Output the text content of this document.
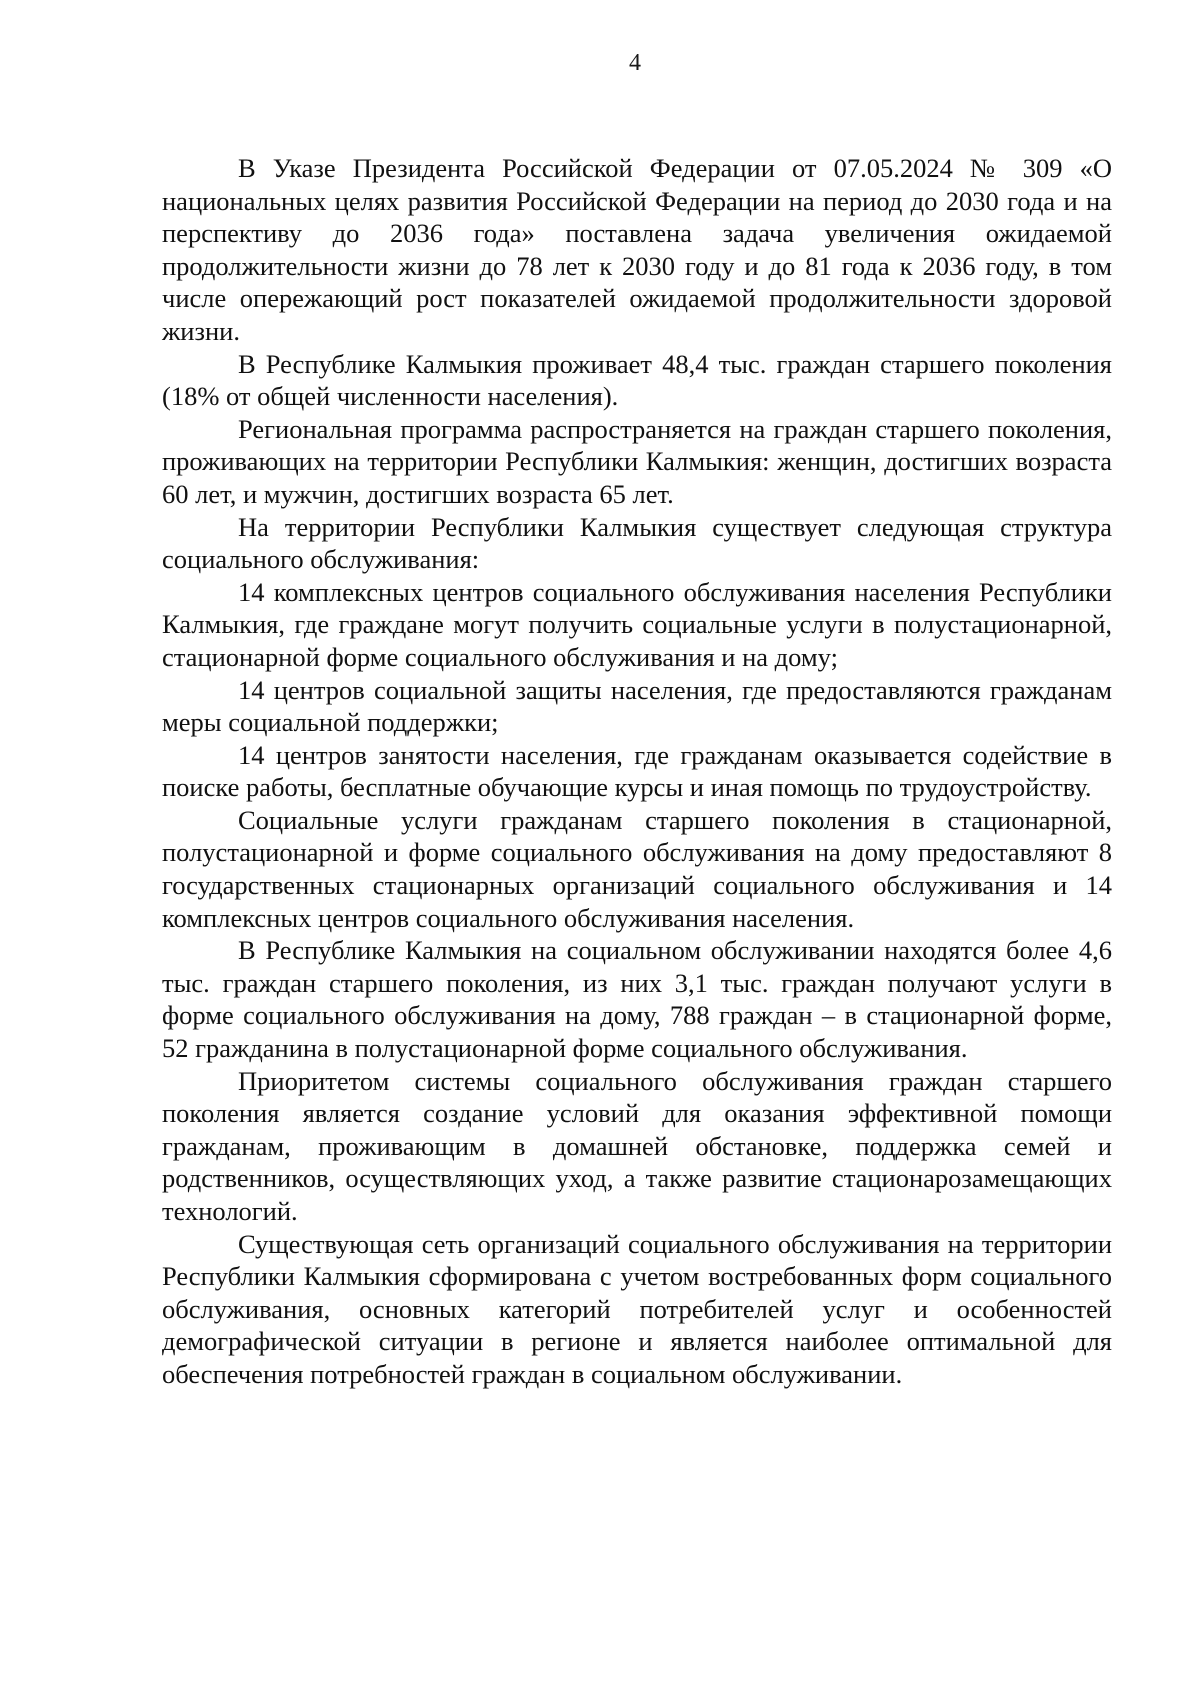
4

В Указе Президента Российской Федерации от 07.05.2024 № 309 «О национальных целях развития Российской Федерации на период до 2030 года и на перспективу до 2036 года» поставлена задача увеличения ожидаемой продолжительности жизни до 78 лет к 2030 году и до 81 года к 2036 году, в том числе опережающий рост показателей ожидаемой продолжительности здоровой жизни.

В Республике Калмыкия проживает 48,4 тыс. граждан старшего поколения (18% от общей численности населения).

Региональная программа распространяется на граждан старшего поколения, проживающих на территории Республики Калмыкия: женщин, достигших возраста 60 лет, и мужчин, достигших возраста 65 лет.

На территории Республики Калмыкия существует следующая структура социального обслуживания:

14 комплексных центров социального обслуживания населения Республики Калмыкия, где граждане могут получить социальные услуги в полустационарной, стационарной форме социального обслуживания и на дому;

14 центров социальной защиты населения, где предоставляются гражданам меры социальной поддержки;

14 центров занятости населения, где гражданам оказывается содействие в поиске работы, бесплатные обучающие курсы и иная помощь по трудоустройству.

Социальные услуги гражданам старшего поколения в стационарной, полустационарной и форме социального обслуживания на дому предоставляют 8 государственных стационарных организаций социального обслуживания и 14 комплексных центров социального обслуживания населения.

В Республике Калмыкия на социальном обслуживании находятся более 4,6 тыс. граждан старшего поколения, из них 3,1 тыс. граждан получают услуги в форме социального обслуживания на дому, 788 граждан – в стационарной форме, 52 гражданина в полустационарной форме социального обслуживания.

Приоритетом системы социального обслуживания граждан старшего поколения является создание условий для оказания эффективной помощи гражданам, проживающим в домашней обстановке, поддержка семей и родственников, осуществляющих уход, а также развитие стационарозамещающих технологий.

Существующая сеть организаций социального обслуживания на территории Республики Калмыкия сформирована с учетом востребованных форм социального обслуживания, основных категорий потребителей услуг и особенностей демографической ситуации в регионе и является наиболее оптимальной для обеспечения потребностей граждан в социальном обслуживании.
